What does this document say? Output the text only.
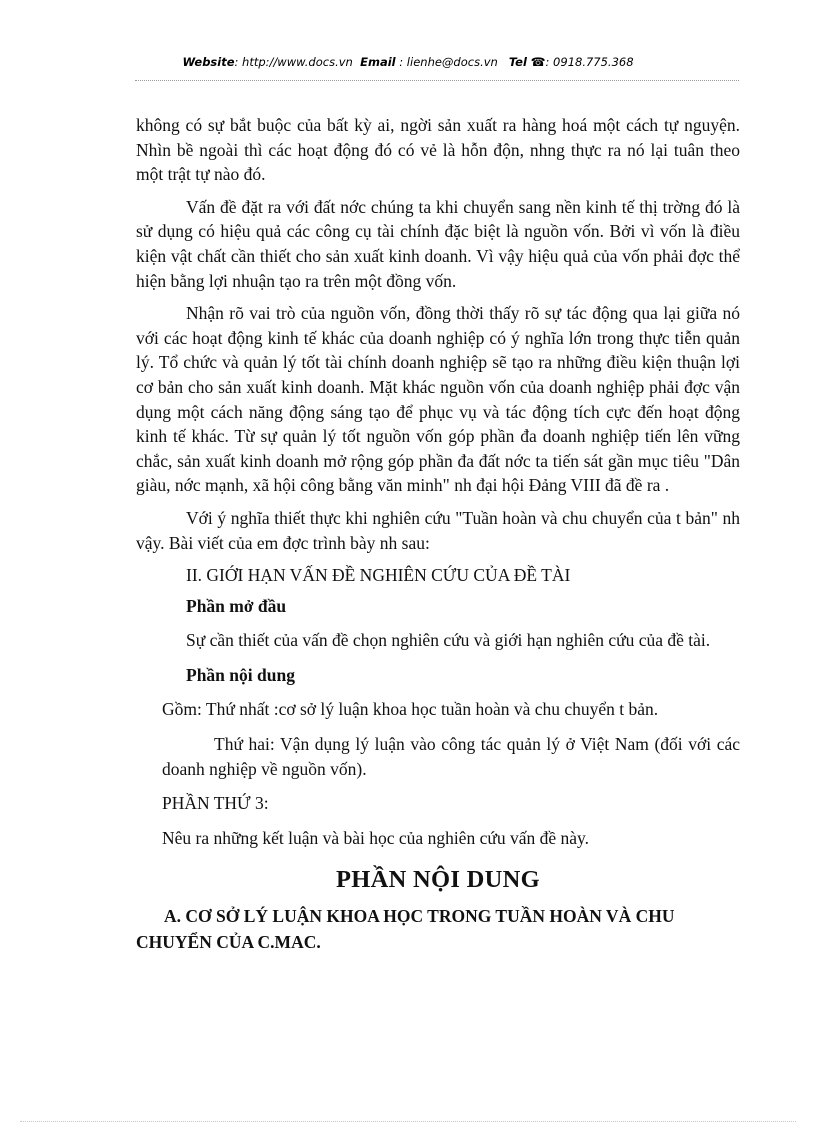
Website: http://www.docs.vn Email : lienhe@docs.vn Tel ☎: 0918.775.368

không có sự bắt buộc của bất kỳ ai, ngời sản xuất ra hàng hoá một cách tự nguyện. Nhìn bề ngoài thì các hoạt động đó có vẻ là hỗn độn, nhng thực ra nó lại tuân theo một trật tự nào đó.

Vấn đề đặt ra với đất nớc chúng ta khi chuyển sang nền kinh tế thị trờng đó là sử dụng có hiệu quả các công cụ tài chính đặc biệt là nguồn vốn. Bởi vì vốn là điều kiện vật chất cần thiết cho sản xuất kinh doanh. Vì vậy hiệu quả của vốn phải đợc thể hiện bằng lợi nhuận tạo ra trên một đồng vốn.

Nhận rõ vai trò của nguồn vốn, đồng thời thấy rõ sự tác động qua lại giữa nó với các hoạt động kinh tế khác của doanh nghiệp có ý nghĩa lớn trong thực tiễn quản lý. Tổ chức và quản lý tốt tài chính doanh nghiệp sẽ tạo ra những điều kiện thuận lợi cơ bản cho sản xuất kinh doanh. Mặt khác nguồn vốn của doanh nghiệp phải đợc vận dụng một cách năng động sáng tạo để phục vụ và tác động tích cực đến hoạt động kinh tế khác. Từ sự quản lý tốt nguồn vốn góp phần đa doanh nghiệp tiến lên vững chắc, sản xuất kinh doanh mở rộng góp phần đa đất nớc ta tiến sát gần mục tiêu "Dân giàu, nớc mạnh, xã hội công bằng văn minh" nh đại hội Đảng VIII đã đề ra .

Với ý nghĩa thiết thực khi nghiên cứu "Tuần hoàn và chu chuyển của t bản" nh vậy. Bài viết của em đợc trình bày nh sau:

II. GIỚI HẠN VẤN ĐỀ NGHIÊN CỨU CỦA ĐỀ TÀI

Phần mở đầu

Sự cần thiết của vấn đề chọn nghiên cứu và giới hạn nghiên cứu của đề tài.

Phần nội dung

Gồm: Thứ nhất :cơ sở lý luận khoa học tuần hoàn và chu chuyển t bản.

Thứ hai: Vận dụng lý luận vào công tác quản lý ở Việt Nam (đối với các doanh nghiệp về nguồn vốn).

PHẦN THỨ 3:

Nêu ra những kết luận và bài học của nghiên cứu vấn đề này.

PHẦN NỘI DUNG

A. CƠ SỞ LÝ LUẬN KHOA HỌC TRONG TUẦN HOÀN VÀ CHU CHUYỂN CỦA C.MAC.
